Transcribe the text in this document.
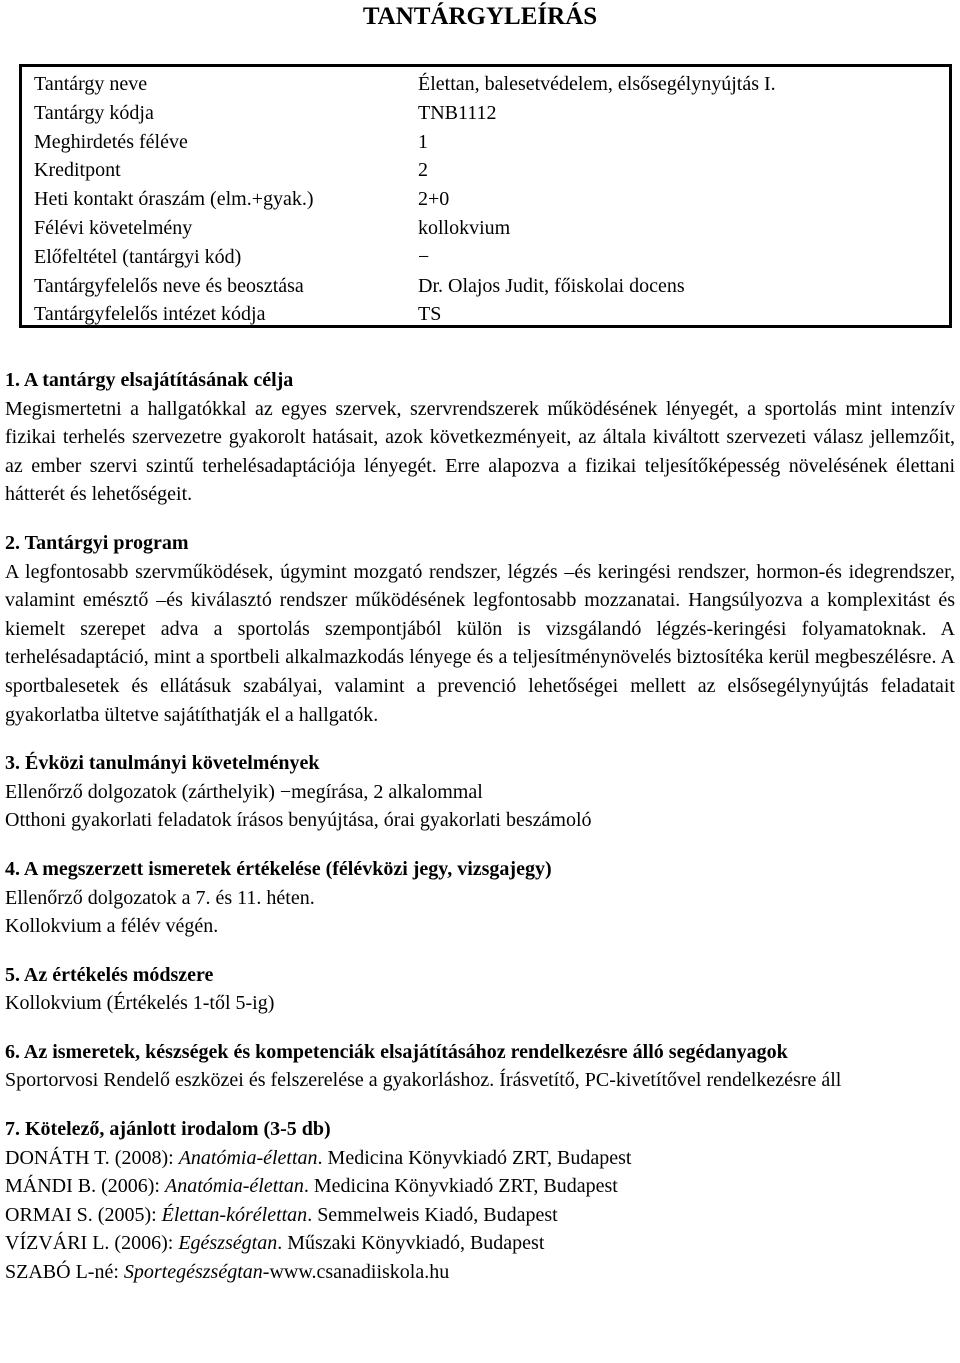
TANTÁRGYLEÍRÁS
Tantárgy neve	Élettan, balesetvédelem, elsősegélynyújtás I.
Tantárgy kódja	TNB1112
Meghirdetés féléve	1
Kreditpont	2
Heti kontakt óraszám (elm.+gyak.)	2+0
Félévi követelmény	kollokvium
Előfeltétel (tantárgyi kód)	−
Tantárgyfelelős neve és beosztása	Dr. Olajos Judit, főiskolai docens
Tantárgyfelelős intézet kódja	TS
1. A tantárgy elsajátításának célja

Megismertetni a hallgatókkal az egyes szervek, szervrendszerek működésének lényegét, a sportolás mint intenzív fizikai terhelés szervezetre gyakorolt hatásait, azok következményeit, az általa kiváltott szervezeti válasz jellemzőit, az ember szervi szintű terhelésadaptációja lényegét. Erre alapozva a fizikai teljesítőképesség növelésének élettani hátterét és lehetőségeit.

2. Tantárgyi program

A legfontosabb szervműködések, úgymint mozgató rendszer, légzés –és keringési rendszer, hormon-és idegrendszer, valamint emésztő –és kiválasztó rendszer működésének legfontosabb mozzanatai. Hangsúlyozva a komplexitást és kiemelt szerepet adva a sportolás szempontjából külön is vizsgálandó légzés-keringési folyamatoknak. A terhelésadaptáció, mint a sportbeli alkalmazkodás lényege és a teljesítménynövelés biztosítéka kerül megbeszélésre. A sportbalesetek és ellátásuk szabályai, valamint a prevenció lehetőségei mellett az elsősegélynyújtás feladatait gyakorlatba ültetve sajátíthatják el a hallgatók.

3. Évközi tanulmányi követelmények
Ellenőrző dolgozatok (zárthelyik) −megírása, 2 alkalommal
Otthoni gyakorlati feladatok írásos benyújtása, órai gyakorlati beszámoló
4. A megszerzett ismeretek értékelése (félévközi jegy, vizsgajegy)
Ellenőrző dolgozatok a 7. és 11. héten.
Kollokvium a félév végén.
5. Az értékelés módszere
Kollokvium (Értékelés 1-től 5-ig)
6. Az ismeretek, készségek és kompetenciák elsajátításához rendelkezésre álló segédanyagok

Sportorvosi Rendelő eszközei és felszerelése a gyakorláshoz. Írásvetítő, PC-kivetítővel rendelkezésre áll

7. Kötelező, ajánlott irodalom (3-5 db)
DONÁTH T. (2008): Anatómia-élettan. Medicina Könyvkiadó ZRT, Budapest
MÁNDI B. (2006): Anatómia-élettan. Medicina Könyvkiadó ZRT, Budapest
ORMAI S. (2005): Élettan-kórélettan. Semmelweis Kiadó, Budapest
VÍZVÁRI L. (2006): Egészségtan. Műszaki Könyvkiadó, Budapest
SZABÓ L-né: Sportegészségtan-www.csanadiiskola.hu
